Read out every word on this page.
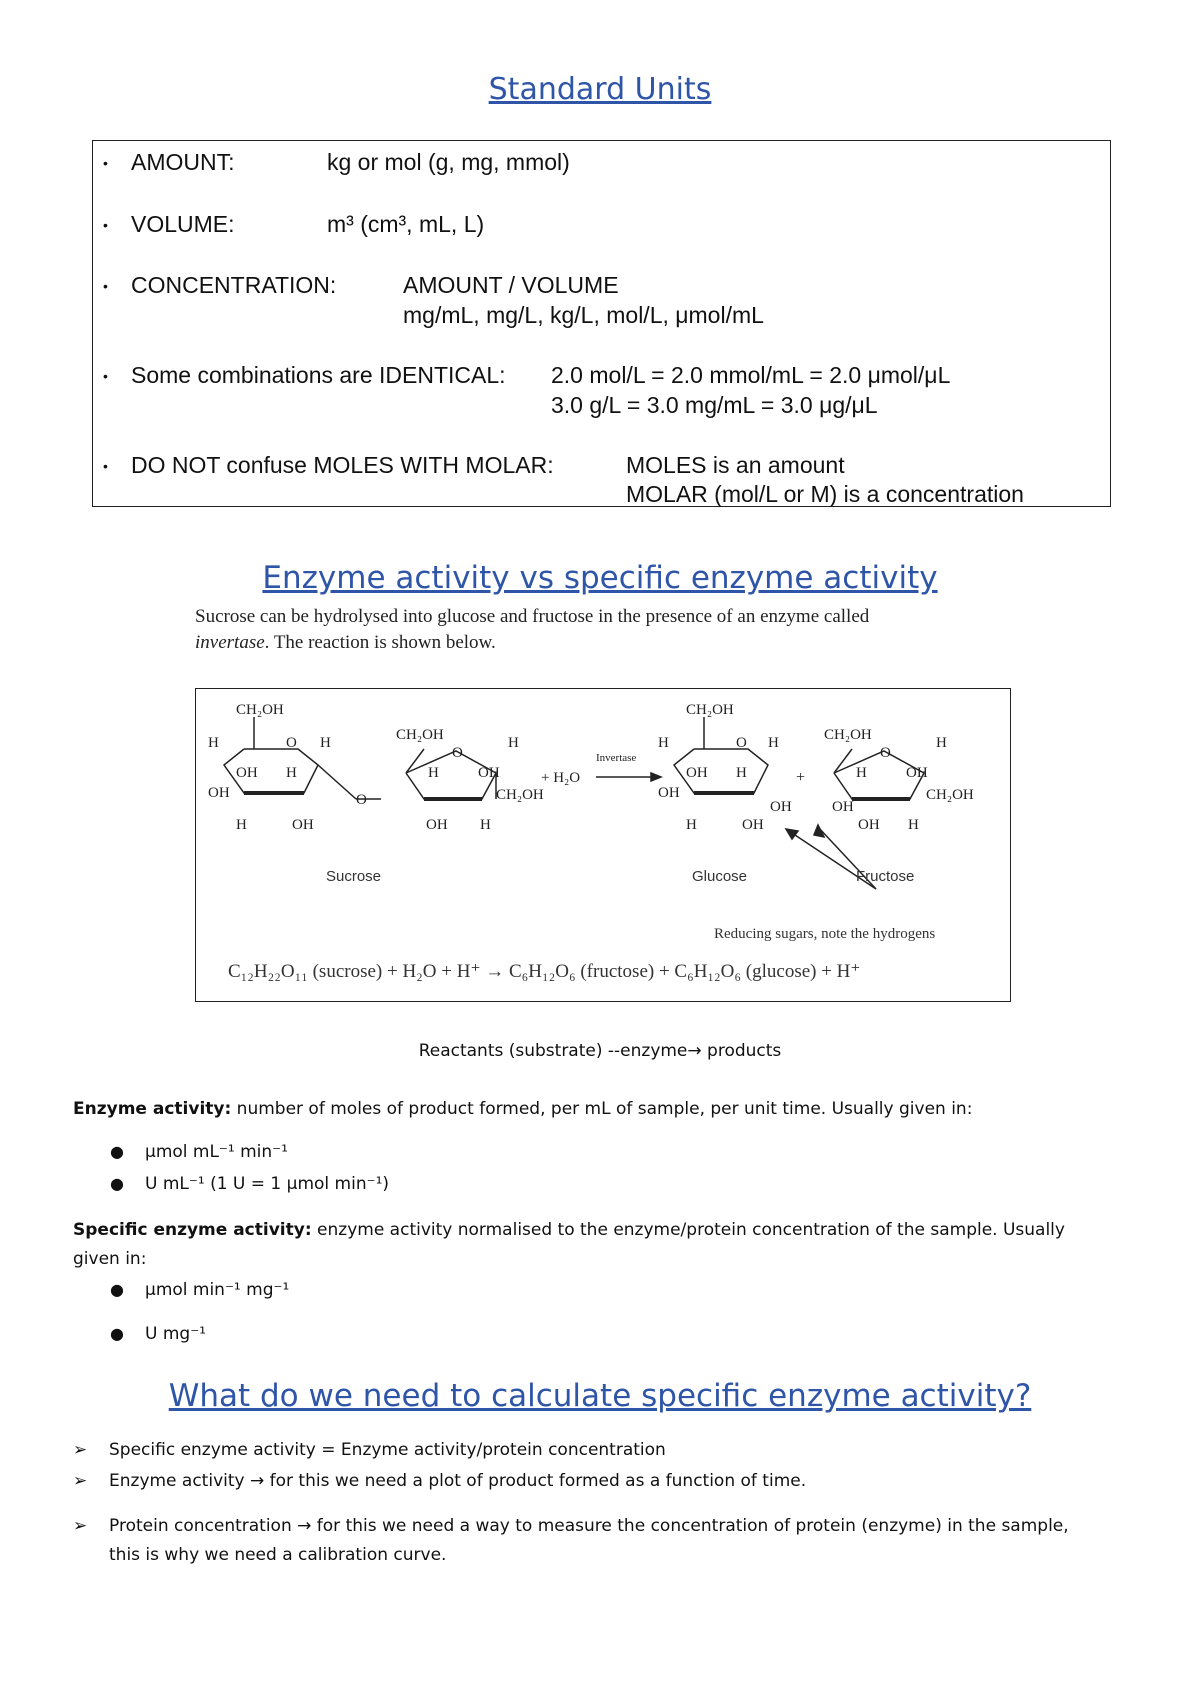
Standard Units
• AMOUNT:	kg or mol (g, mg, mmol)
• VOLUME:	m³ (cm³, mL, L)
• CONCENTRATION:	AMOUNT / VOLUME
mg/mL, mg/L, kg/L, mol/L, μmol/mL
• Some combinations are IDENTICAL: 2.0 mol/L = 2.0 mmol/mL = 2.0 μmol/μL
3.0 g/L = 3.0 mg/mL = 3.0 μg/μL
• DO NOT confuse MOLES WITH MOLAR:	MOLES is an amount
MOLAR (mol/L or M) is a concentration
Enzyme activity vs specific enzyme activity
Sucrose can be hydrolysed into glucose and fructose in the presence of an enzyme called
invertase. The reaction is shown below.
CH₂OH
H	O H
OH H
OH
H	OH
O
CH₂OH
O
H
H	OH
CH₂OH
OH H
CH₂OH
H	O H
OH H
OH
OH
H	OH
CH₂OH
O
H
H	OH
OH
CH₂OH
OH H
Invertase
+ H₂O	+
Sucrose	Glucose	Fructose
Reducing sugars, note the hydrogens
C₁₂H₂₂O₁₁ (sucrose) + H₂O + H⁺ → C₆H₁₂O₆ (fructose) + C₆H₁₂O₆ (glucose) + H⁺
Reactants (substrate) --enzyme→ products
Enzyme activity: number of moles of product formed, per mL of sample, per unit time. Usually given in:
● μmol mL⁻¹ min⁻¹
● U mL⁻¹ (1 U = 1 μmol min⁻¹)
Specific enzyme activity: enzyme activity normalised to the enzyme/protein concentration of the sample. Usually
given in:
● μmol min⁻¹ mg⁻¹
● U mg⁻¹
What do we need to calculate specific enzyme activity?
➢ Specific enzyme activity = Enzyme activity/protein concentration
➢ Enzyme activity → for this we need a plot of product formed as a function of time.
➢ Protein concentration → for this we need a way to measure the concentration of protein (enzyme) in the sample,
this is why we need a calibration curve.
